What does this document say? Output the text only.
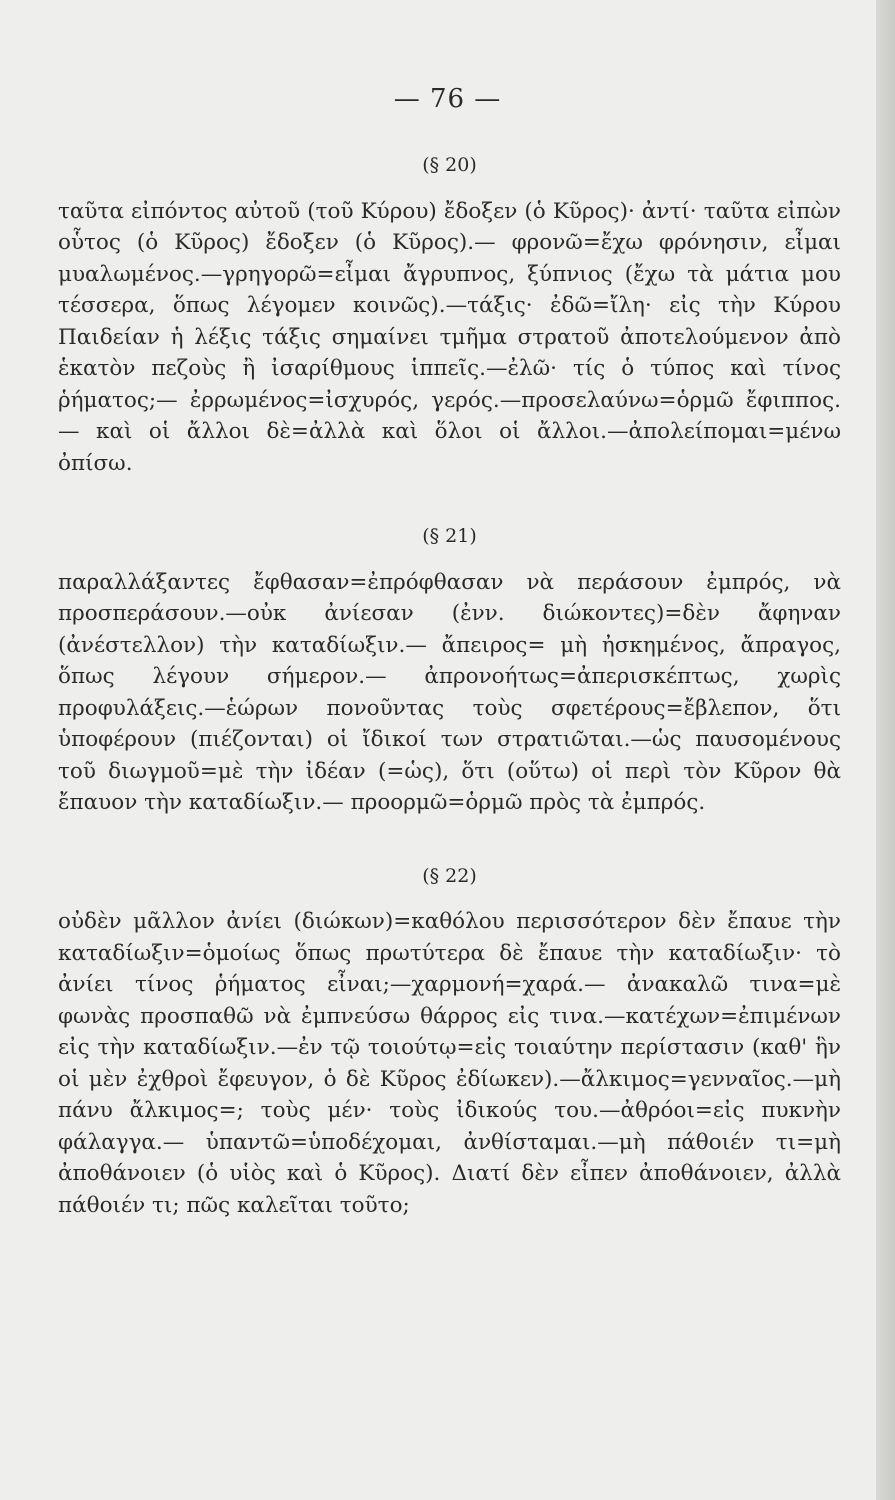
— 76 —

(§ 20)

ταῦτα εἰπόντος αὐτοῦ (τοῦ Κύρου) ἔδοξεν (ὁ Κῦρος)· ἀντί· ταῦτα εἰπὼν οὗτος (ὁ Κῦρος) ἔδοξεν (ὁ Κῦρος).— φρονῶ=ἔχω φρόνησιν, εἶμαι μυαλωμένος.—γρηγορῶ=εἶμαι ἄγρυπνος, ξύπνιος (ἔχω τὰ μάτια μου τέσσερα, ὅπως λέγομεν κοινῶς).—τάξις· ἐδῶ=ἴλη· εἰς τὴν Κύρου Παιδείαν ἡ λέξις τάξις σημαίνει τμῆμα στρατοῦ ἀποτελούμενον ἀπὸ ἑκατὸν πεζοὺς ἢ ἰσαρίθμους ἱππεῖς.—ἐλῶ· τίς ὁ τύπος καὶ τίνος ῥήματος;— ἐρρωμένος=ἰσχυρός, γερός.—προσελαύνω=ὁρμῶ ἔφιππος.— καὶ οἱ ἄλλοι δὲ=ἀλλὰ καὶ ὅλοι οἱ ἄλλοι.—ἀπολείπομαι=μένω ὀπίσω.

(§ 21)

παραλλάξαντες ἔφθασαν=ἐπρόφθασαν νὰ περάσουν ἐμπρός, νὰ προσπεράσουν.—οὐκ ἀνίεσαν (ἐνν. διώκοντες)=δὲν ἄφηναν (ἀνέστελλον) τὴν καταδίωξιν.— ἄπειρος= μὴ ἠσκημένος, ἄπραγος, ὅπως λέγουν σήμερον.— ἀπρονοήτως=ἀπερισκέπτως, χωρὶς προφυλάξεις.—ἑώρων πονοῦντας τοὺς σφετέρους=ἔβλεπον, ὅτι ὑποφέρουν (πιέζονται) οἱ ἴδικοί των στρατιῶται.—ὡς παυσομένους τοῦ διωγμοῦ=μὲ τὴν ἰδέαν (=ὡς), ὅτι (οὕτω) οἱ περὶ τὸν Κῦρον θὰ ἔπαυον τὴν καταδίωξιν.— προορμῶ=ὁρμῶ πρὸς τὰ ἐμπρός.

(§ 22)

οὐδὲν μᾶλλον ἀνίει (διώκων)=καθόλου περισσότερον δὲν ἔπαυε τὴν καταδίωξιν=ὁμοίως ὅπως πρωτύτερα δὲ ἔπαυε τὴν καταδίωξιν· τὸ ἀνίει τίνος ῥήματος εἶναι;—χαρμονή=χαρά.— ἀνακαλῶ τινα=μὲ φωνὰς προσπαθῶ νὰ ἐμπνεύσω θάρρος εἰς τινα.—κατέχων=ἐπιμένων εἰς τὴν καταδίωξιν.—ἐν τῷ τοιούτῳ=εἰς τοιαύτην περίστασιν (καθ' ἣν οἱ μὲν ἐχθροὶ ἔφευγον, ὁ δὲ Κῦρος ἐδίωκεν).—ἄλκιμος=γενναῖος.—μὴ πάνυ ἄλκιμος=; τοὺς μέν· τοὺς ἰδικούς του.—ἀθρόοι=εἰς πυκνὴν φάλαγγα.— ὑπαντῶ=ὑποδέχομαι, ἀνθίσταμαι.—μὴ πάθοιέν τι=μὴ ἀποθάνοιεν (ὁ υἱὸς καὶ ὁ Κῦρος). Διατί δὲν εἶπεν ἀποθάνοιεν, ἀλλὰ πάθοιέν τι; πῶς καλεῖται τοῦτο;
